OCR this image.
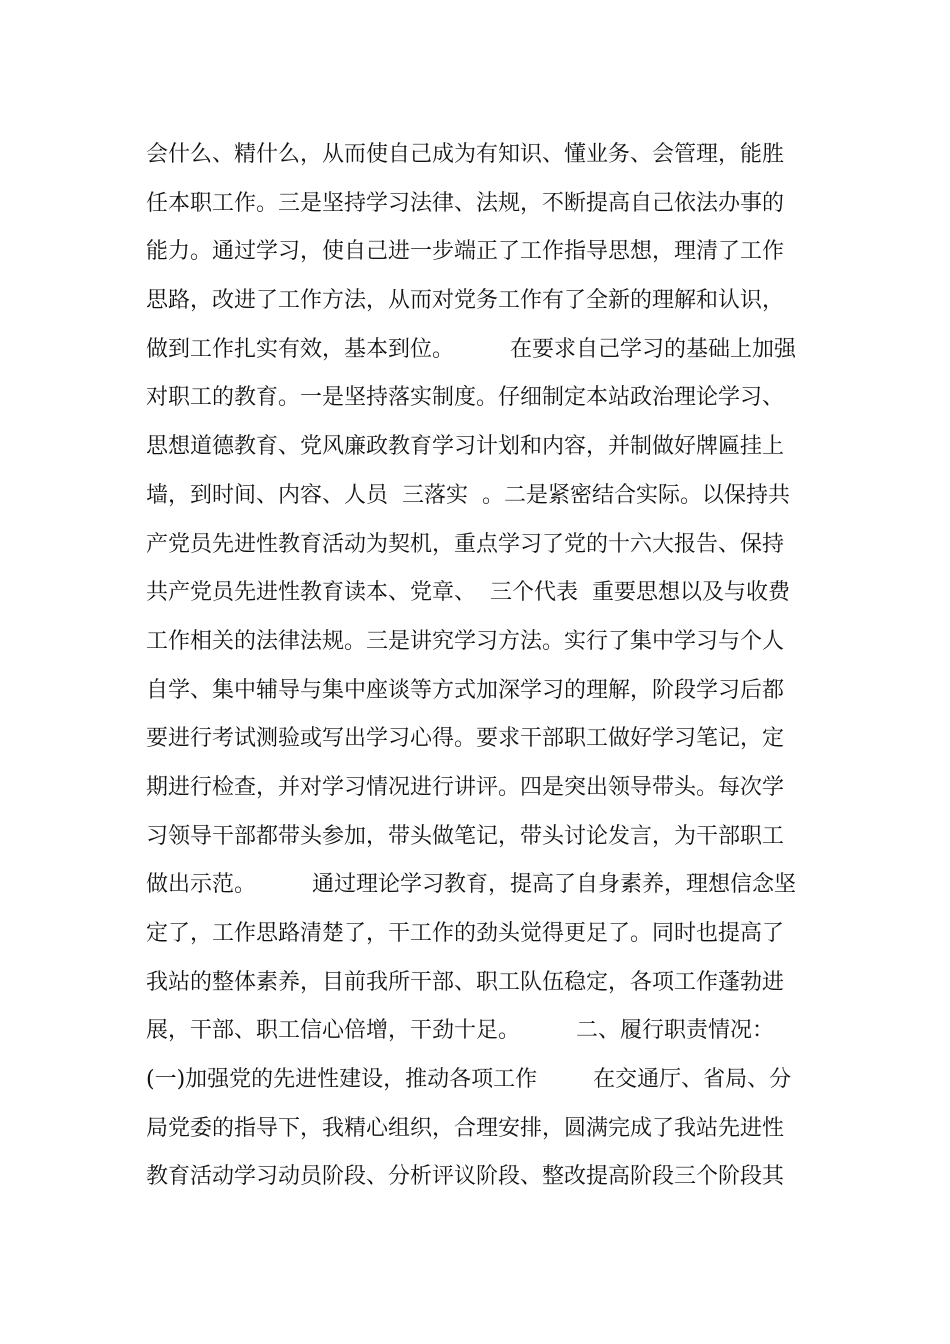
会什么、精什么，从而使自己成为有知识、懂业务、会管理，能胜
任本职工作。三是坚持学习法律、法规，不断提高自己依法办事的
能力。通过学习，使自己进一步端正了工作指导思想，理清了工作
思路，改进了工作方法，从而对党务工作有了全新的理解和认识，
做到工作扎实有效，基本到位。        在要求自己学习的基础上加强
对职工的教育。一是坚持落实制度。仔细制定本站政治理论学习、
思想道德教育、党风廉政教育学习计划和内容，并制做好牌匾挂上
墙，到时间、内容、人员  三落实  。二是紧密结合实际。以保持共
产党员先进性教育活动为契机，重点学习了党的十六大报告、保持
共产党员先进性教育读本、党章、  三个代表  重要思想以及与收费
工作相关的法律法规。三是讲究学习方法。实行了集中学习与个人
自学、集中辅导与集中座谈等方式加深学习的理解，阶段学习后都
要进行考试测验或写出学习心得。要求干部职工做好学习笔记，定
期进行检查，并对学习情况进行讲评。四是突出领导带头。每次学
习领导干部都带头参加，带头做笔记，带头讨论发言，为干部职工
做出示范。        通过理论学习教育，提高了自身素养，理想信念坚
定了，工作思路清楚了，干工作的劲头觉得更足了。同时也提高了
我站的整体素养，目前我所干部、职工队伍稳定，各项工作蓬勃进
展，干部、职工信心倍增，干劲十足。        二、履行职责情况：
(一)加强党的先进性建设，推动各项工作        在交通厅、省局、分
局党委的指导下，我精心组织，合理安排，圆满完成了我站先进性
教育活动学习动员阶段、分析评议阶段、整改提高阶段三个阶段其
